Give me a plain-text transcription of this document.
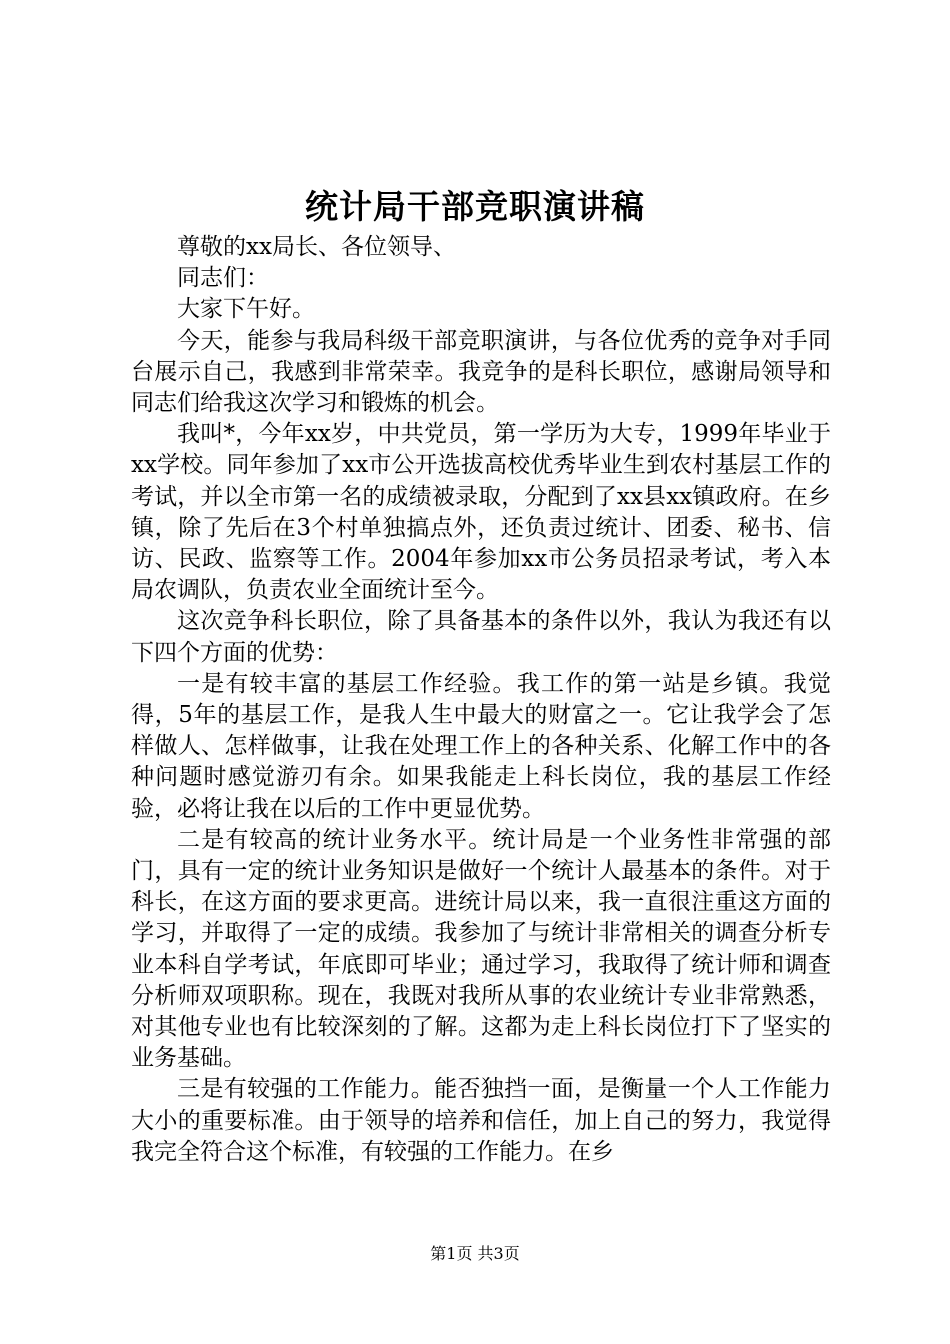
统计局干部竞职演讲稿

尊敬的xx局长、各位领导、

同志们：

大家下午好。

今天，能参与我局科级干部竞职演讲，与各位优秀的竞争对手同台展示自己，我感到非常荣幸。我竞争的是科长职位，感谢局领导和同志们给我这次学习和锻炼的机会。

我叫*，今年xx岁，中共党员，第一学历为大专，1999年毕业于xx学校。同年参加了xx市公开选拔高校优秀毕业生到农村基层工作的考试，并以全市第一名的成绩被录取，分配到了xx县xx镇政府。在乡镇，除了先后在3个村单独搞点外，还负责过统计、团委、秘书、信访、民政、监察等工作。2004年参加xx市公务员招录考试，考入本局农调队，负责农业全面统计至今。

这次竞争科长职位，除了具备基本的条件以外，我认为我还有以下四个方面的优势：

一是有较丰富的基层工作经验。我工作的第一站是乡镇。我觉得，5年的基层工作，是我人生中最大的财富之一。它让我学会了怎样做人、怎样做事，让我在处理工作上的各种关系、化解工作中的各种问题时感觉游刃有余。如果我能走上科长岗位，我的基层工作经验，必将让我在以后的工作中更显优势。

二是有较高的统计业务水平。统计局是一个业务性非常强的部门，具有一定的统计业务知识是做好一个统计人最基本的条件。对于科长，在这方面的要求更高。进统计局以来，我一直很注重这方面的学习，并取得了一定的成绩。我参加了与统计非常相关的调查分析专业本科自学考试，年底即可毕业；通过学习，我取得了统计师和调查分析师双项职称。现在，我既对我所从事的农业统计专业非常熟悉，对其他专业也有比较深刻的了解。这都为走上科长岗位打下了坚实的业务基础。

三是有较强的工作能力。能否独挡一面，是衡量一个人工作能力大小的重要标准。由于领导的培养和信任，加上自己的努力，我觉得我完全符合这个标准，有较强的工作能力。在乡

第1页 共3页
